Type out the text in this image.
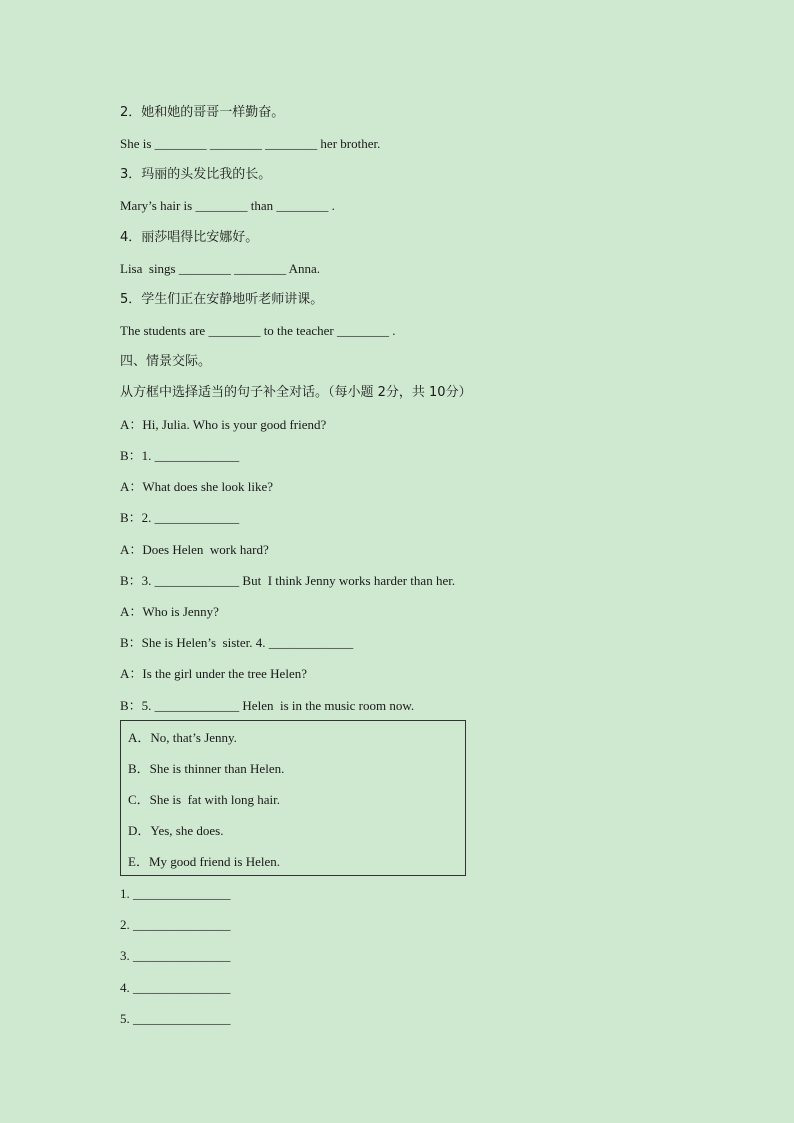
2．她和她的哥哥一样勤奋。
She is ________ ________ ________ her brother.
3．玛丽的头发比我的长。
Mary’s hair is ________ than ________ .
4．丽莎唱得比安娜好。
Lisa  sings ________ ________ Anna.
5．学生们正在安静地听老师讲课。
The students are ________ to the teacher ________ .
四、情景交际。
从方框中选择适当的句子补全对话。（每小题 2分，共 10分）
A：Hi, Julia. Who is your good friend?
B：1. _____________
A：What does she look like?
B：2. _____________
A：Does Helen  work hard?
B：3. _____________ But  I think Jenny works harder than her.
A：Who is Jenny?
B：She is Helen’s  sister. 4. _____________
A：Is the girl under the tree Helen?
B：5. _____________ Helen  is in the music room now.
A．No, that’s Jenny.
B．She is thinner than Helen.
C．She is  fat with long hair.
D．Yes, she does.
E．My good friend is Helen.
1. _______________
2. _______________
3. _______________
4. _______________
5. _______________
